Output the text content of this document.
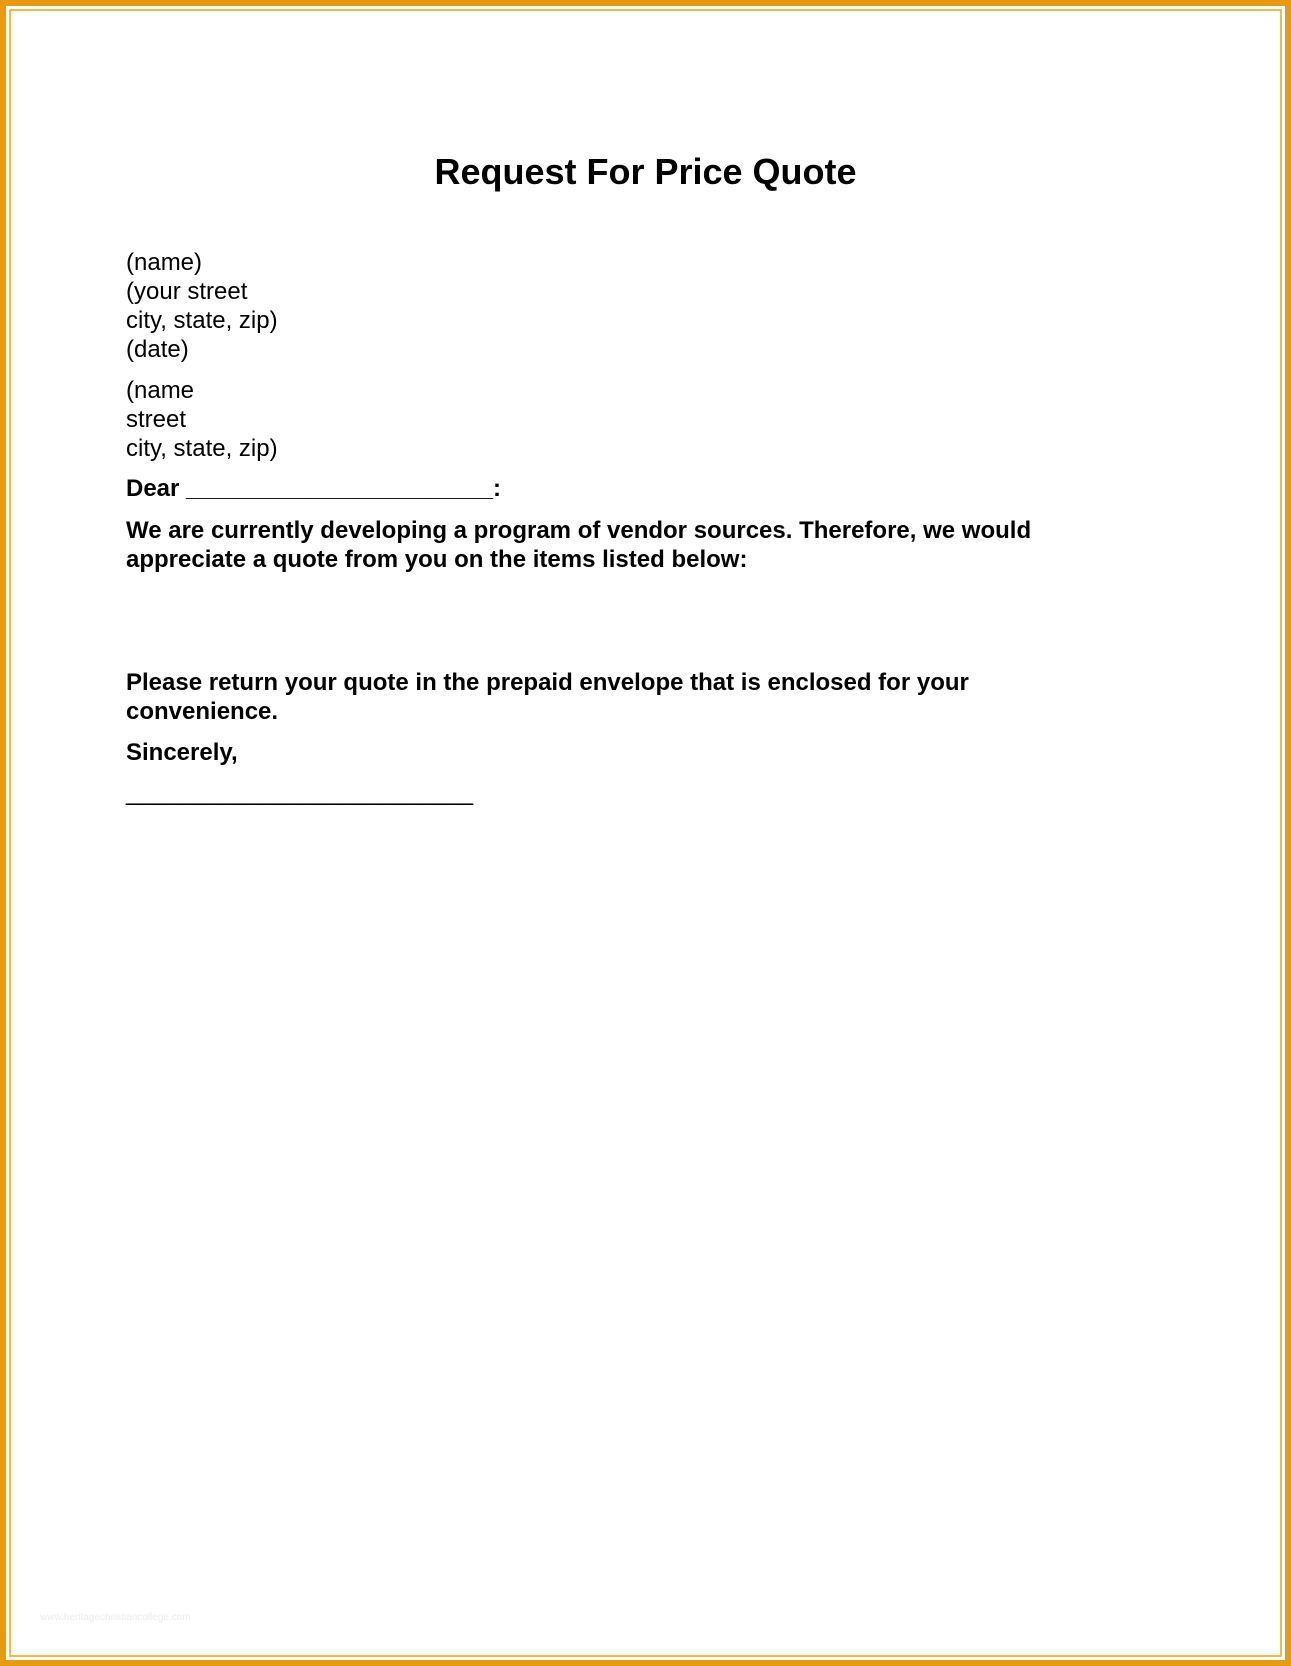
Request For Price Quote
(name)
(your street
city, state, zip)
(date)
(name
street
city, state, zip)
Dear _______________________:
We are currently developing a program of vendor sources. Therefore, we would
appreciate a quote from you on the items listed below:
Please return your quote in the prepaid envelope that is enclosed for your
convenience.
Sincerely,
__________________________
www.heritagechristiancollege.com
